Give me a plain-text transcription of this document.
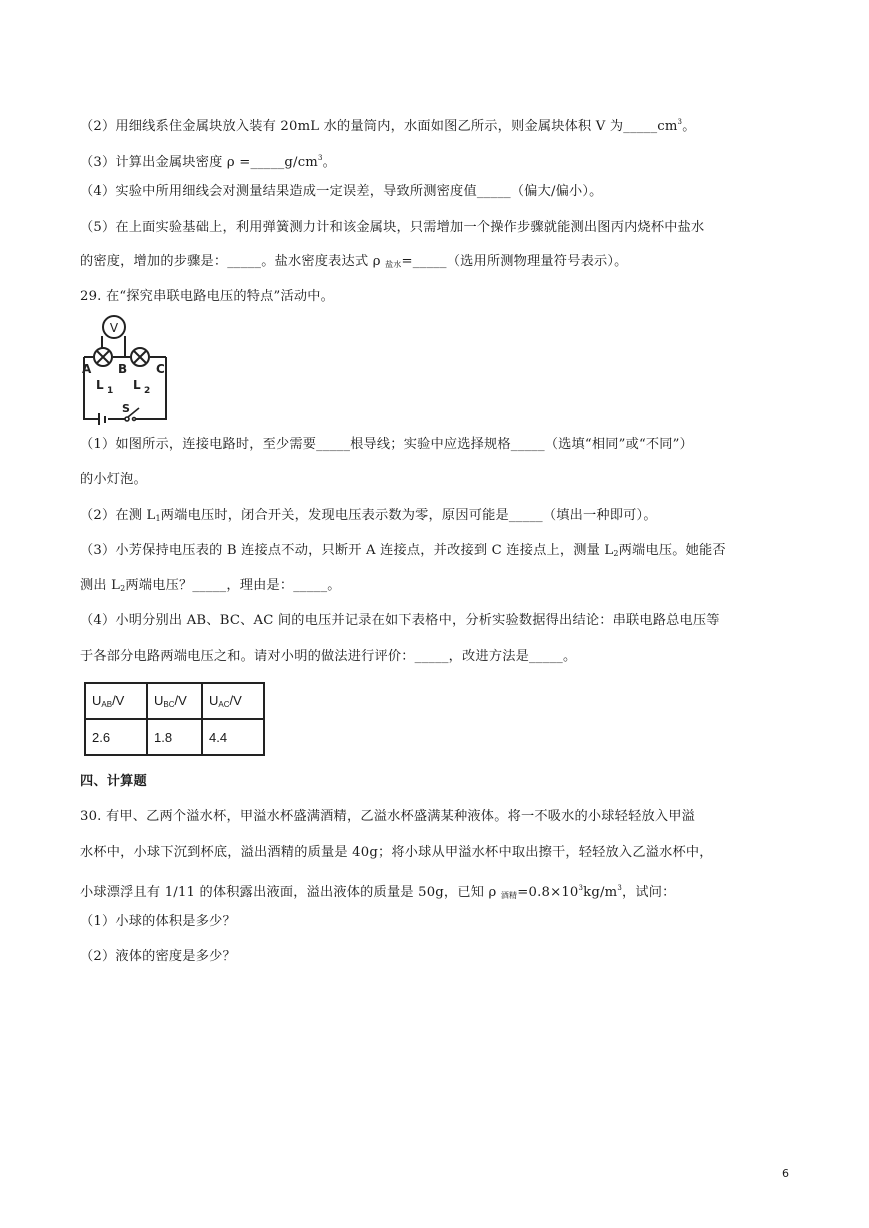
（2）用细线系住金属块放入装有 20mL 水的量筒内，水面如图乙所示，则金属块体积 V 为$\_\_\_\_\_cm^3$。
（3）计算出金属块密度 $\rho =\_\_\_\_\_g/cm^3$。
（4）实验中所用细线会对测量结果造成一定误差，导致所测密度值_____（偏大/偏小）。
（5）在上面实验基础上，利用弹簧测力计和该金属块，只需增加一个操作步骤就能测出图丙内烧杯中盐水
的密度，增加的步骤是：_____。盐水密度表达式 ρ $_{盐水}$=_____（选用所测物理量符号表示）。
29. 在“探究串联电路电压的特点”活动中。
V
A B C
L 1 L 2
S
（1）如图所示，连接电路时，至少需要_____根导线；实验中应选择规格_____（选填“相同”或“不同”）
的小灯泡。
（2）在测 $L_1$两端电压时，闭合开关，发现电压表示数为零，原因可能是_____（填出一种即可）。
（3）小芳保持电压表的 B 连接点不动，只断开 A 连接点，并改接到 C 连接点上，测量 $L_2$两端电压。她能否
测出 $L_2$两端电压？_____，理由是：_____。
（4）小明分别出 AB、BC、AC 间的电压并记录在如下表格中，分析实验数据得出结论：串联电路总电压等
于各部分电路两端电压之和。请对小明的做法进行评价：_____，改进方法是_____。
$U_{AB}/V$	$U_{BC}/V$	$U_{AC}/V$
2.6	1.8	4.4
四、计算题
30. 有甲、乙两个溢水杯，甲溢水杯盛满酒精，乙溢水杯盛满某种液体。将一不吸水的小球轻轻放入甲溢
水杯中，小球下沉到杯底，溢出酒精的质量是 40g；将小球从甲溢水杯中取出擦干，轻轻放入乙溢水杯中，
小球漂浮且有 1/11 的体积露出液面，溢出液体的质量是 50g，已知 ρ $_{酒精}=0.8\times 10^3kg/m^3$，试问：
（1）小球的体积是多少？
（2）液体的密度是多少？
6
